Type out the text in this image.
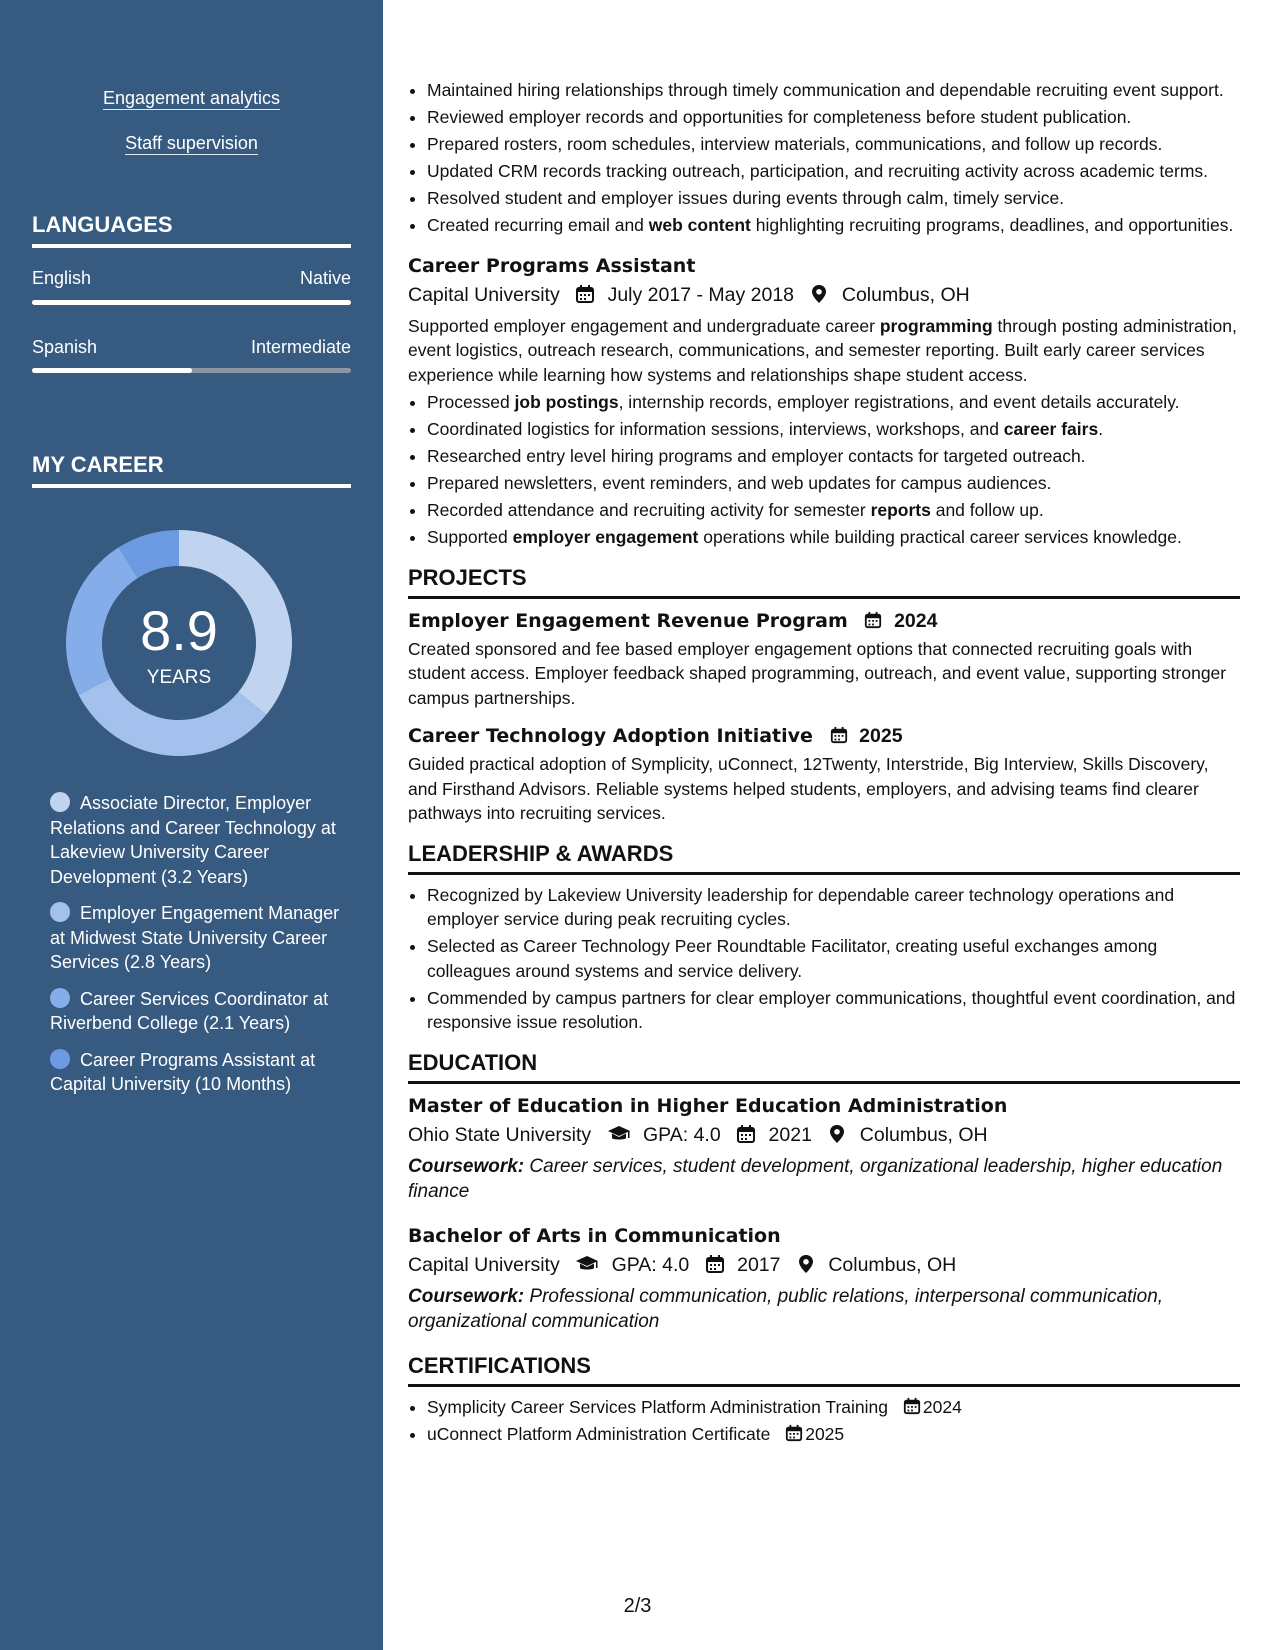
Engagement analytics
Staff supervision
LANGUAGES
English	Native
Spanish	Intermediate
MY CAREER
8.9
YEARS
Associate Director, Employer Relations and Career Technology at Lakeview University Career Development (3.2 Years)
Employer Engagement Manager at Midwest State University Career Services (2.8 Years)
Career Services Coordinator at Riverbend College (2.1 Years)
Career Programs Assistant at Capital University (10 Months)
• Maintained hiring relationships through timely communication and dependable recruiting event support.
• Reviewed employer records and opportunities for completeness before student publication.
• Prepared rosters, room schedules, interview materials, communications, and follow up records.
• Updated CRM records tracking outreach, participation, and recruiting activity across academic terms.
• Resolved student and employer issues during events through calm, timely service.
• Created recurring email and web content highlighting recruiting programs, deadlines, and opportunities.
Career Programs Assistant
Capital University July 2017 - May 2018 Columbus, OH
Supported employer engagement and undergraduate career programming through posting administration, event logistics, outreach research, communications, and semester reporting. Built early career services experience while learning how systems and relationships shape student access.
• Processed job postings, internship records, employer registrations, and event details accurately.
• Coordinated logistics for information sessions, interviews, workshops, and career fairs.
• Researched entry level hiring programs and employer contacts for targeted outreach.
• Prepared newsletters, event reminders, and web updates for campus audiences.
• Recorded attendance and recruiting activity for semester reports and follow up.
• Supported employer engagement operations while building practical career services knowledge.
PROJECTS
Employer Engagement Revenue Program 2024
Created sponsored and fee based employer engagement options that connected recruiting goals with student access. Employer feedback shaped programming, outreach, and event value, supporting stronger campus partnerships.
Career Technology Adoption Initiative 2025
Guided practical adoption of Symplicity, uConnect, 12Twenty, Interstride, Big Interview, Skills Discovery, and Firsthand Advisors. Reliable systems helped students, employers, and advising teams find clearer pathways into recruiting services.
LEADERSHIP & AWARDS
• Recognized by Lakeview University leadership for dependable career technology operations and employer service during peak recruiting cycles.
• Selected as Career Technology Peer Roundtable Facilitator, creating useful exchanges among colleagues around systems and service delivery.
• Commended by campus partners for clear employer communications, thoughtful event coordination, and responsive issue resolution.
EDUCATION
Master of Education in Higher Education Administration
Ohio State University	GPA: 4.0 2021 Columbus, OH
Coursework: Career services, student development, organizational leadership, higher education finance
Bachelor of Arts in Communication
Capital University	GPA: 4.0 2017 Columbus, OH
Coursework: Professional communication, public relations, interpersonal communication, organizational communication
CERTIFICATIONS
• Symplicity Career Services Platform Administration Training 2024
• uConnect Platform Administration Certificate 2025
2/3
